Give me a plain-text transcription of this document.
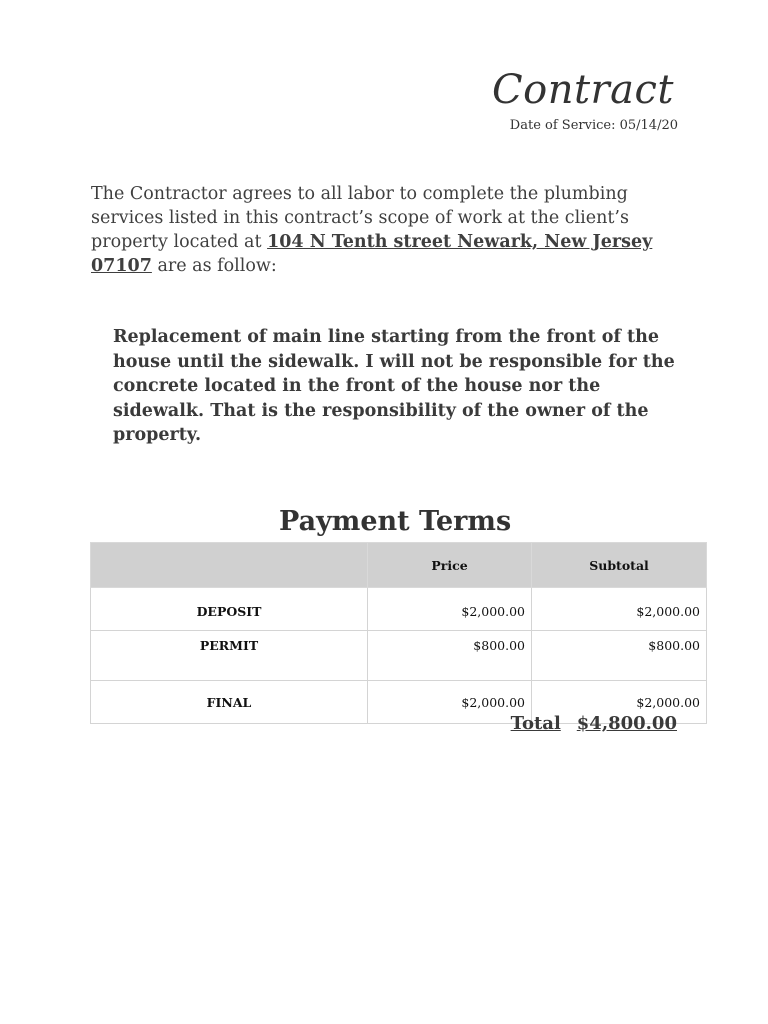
Contract
Date of Service: 05/14/20

The Contractor agrees to all labor to complete the plumbing services listed in this contract’s scope of work at the client’s property located at 104 N Tenth street Newark, New Jersey 07107 are as follow:

Replacement of main line starting from the front of the house until the sidewalk. I will not be responsible for the concrete located in the front of the house nor the sidewalk. That is the responsibility of the owner of the property.

Payment Terms
	Price	Subtotal
DEPOSIT	$2,000.00	$2,000.00
PERMIT	$800.00	$800.00
FINAL	$2,000.00	$2,000.00
Total $4,800.00
